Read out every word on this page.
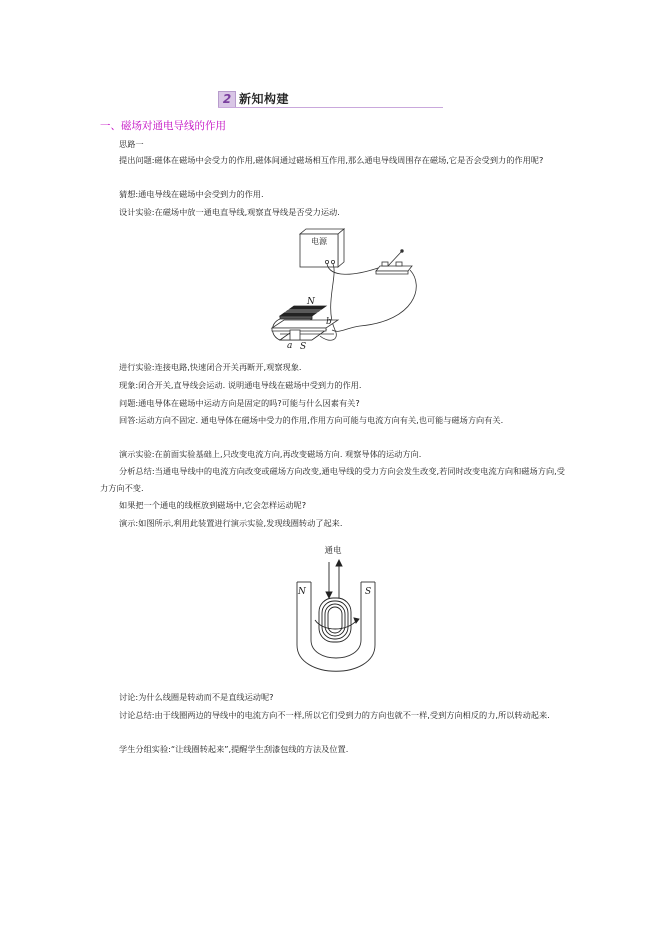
2 新知构建
一、磁场对通电导线的作用

思路一

提出问题:磁体在磁场中会受力的作用,磁体间通过磁场相互作用,那么通电导线周围存在磁场,它是否会受到力的作用呢?

猜想:通电导线在磁场中会受到力的作用.

设计实验:在磁场中放一通电直导线,观察直导线是否受力运动.

电源
N
b
a S

进行实验:连接电路,快速闭合开关再断开,观察现象.

现象:闭合开关,直导线会运动. 说明通电导线在磁场中受到力的作用.

问题:通电导体在磁场中运动方向是固定的吗?可能与什么因素有关?

回答:运动方向不固定. 通电导体在磁场中受力的作用,作用方向可能与电流方向有关,也可能与磁场方向有关.

演示实验:在前面实验基础上,只改变电流方向,再改变磁场方向. 观察导体的运动方向.

分析总结:当通电导线中的电流方向改变或磁场方向改变,通电导线的受力方向会发生改变,若同时改变电流方向和磁场方向,受力方向不变.

如果把一个通电的线框放到磁场中,它会怎样运动呢?

演示:如图所示,利用此装置进行演示实验,发现线圈转动了起来.

通电
N	S

讨论:为什么线圈是转动而不是直线运动呢?

讨论总结:由于线圈两边的导线中的电流方向不一样,所以它们受到力的方向也就不一样,受到方向相反的力,所以转动起来.

学生分组实验:“让线圈转起来”,提醒学生刮漆包线的方法及位置.
